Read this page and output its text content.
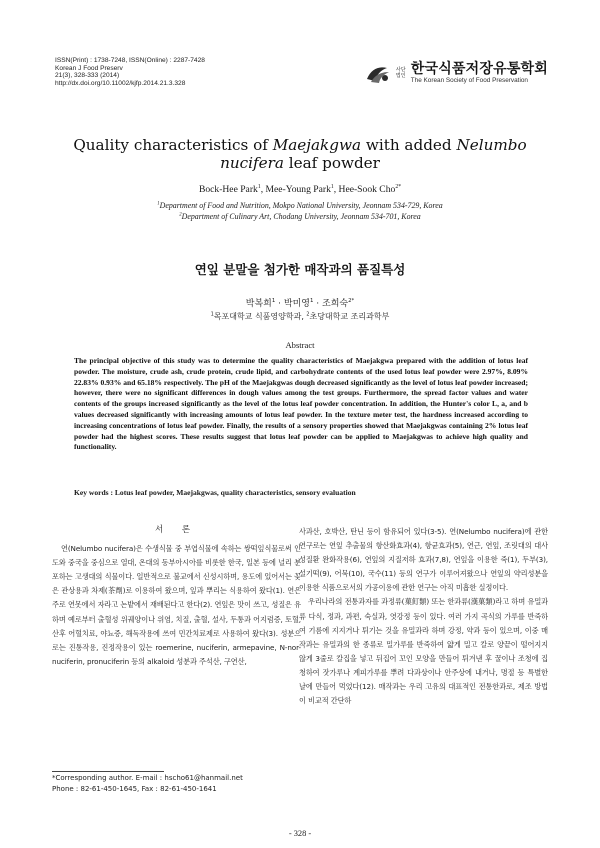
ISSN(Print) : 1738-7248, ISSN(Online) : 2287-7428
Korean J Food Preserv
21(3), 328-333 (2014)
http://dx.doi.org/10.11002/kjfp.2014.21.3.328
사단법인 한국식품저장유통학회
The Korean Society of Food Preservation
Quality characteristics of Maejakgwa with added Nelumbo nucifera leaf powder
Bock-Hee Park$^1$, Mee-Young Park$^1$, Hee-Sook Cho$^{2*}$
$^1$Department of Food and Nutrition, Mokpo National University, Jeonnam 534-729, Korea
$^2$Department of Culinary Art, Chodang University, Jeonnam 534-701, Korea
연잎 분말을 첨가한 매작과의 품질특성
박복희$^1$ · 박미영$^1$ · 조희숙$^{2*}$
$^1$목포대학교 식품영양학과, $^2$초당대학교 조리과학부
Abstract
The principal objective of this study was to determine the quality characteristics of Maejakgwa prepared with the addition of lotus leaf powder. The moisture, crude ash, crude protein, crude lipid, and carbohydrate contents of the used lotus leaf powder were 2.97%, 8.09% 22.83% 0.93% and 65.18% respectively. The pH of the Maejakgwas dough decreased significantly as the level of lotus leaf powder increased; however, there were no significant differences in dough values among the test groups. Furthermore, the spread factor values and water contents of the groups increased significantly as the level of the lotus leaf powder concentration. In addition, the Hunter's color L, a, and b values decreased significantly with increasing amounts of lotus leaf powder. In the texture meter test, the hardness increased according to increasing concentrations of lotus leaf powder. Finally, the results of a sensory properties showed that Maejakgwas containing 2% lotus leaf powder had the highest scores. These results suggest that lotus leaf powder can be applied to Maejakgwas to achieve high quality and functionality.
Key words : Lotus leaf powder, Maejakgwas, quality characteristics, sensory evaluation
서 론

연(Nelumbo nucifera)은 수생식물 중 부엽식물에 속하는 쌍떡잎식물로써 인도와 중국을 중심으로 열대, 온대의 동부아시아를 비롯한 한국, 일본 등에 널리 분포하는 고생대의 식물이다. 일반적으로 불교에서 신성시하며, 용도에 있어서는 꽃은 관상용과 차제(茶劑)로 이용하여 왔으며, 잎과 뿌리는 식용하여 왔다(1). 연은 주로 연못에서 자라고 논밭에서 재배된다고 한다(2). 연잎은 맛이 쓰고, 성질은 유하며 예로부터 출혈성 위궤양이나 위염, 치질, 출혈, 설사, 두통과 어지럼증, 토혈, 산후 어혈치료, 야뇨증, 해독작용에 쓰여 민간치료제로 사용하여 왔다(3). 성분으로는 진통작용, 진정작용이 있는 roemerine, nuciferin, armepavine, N-nor-nuciferin, pronuciferin 등의 alkaloid 성분과 주석산, 구연산,

사과산, 호박산, 탄닌 등이 함유되어 있다(3-5). 연(Nelumbo nucifera)에 관한 연구로는 연잎 추출물의 항산화효과(4), 항균효과(5), 연근, 연잎, 조릿대의 대사성질환 완화작용(6), 연잎의 지질저하 효과(7,8), 연잎을 이용한 죽(1), 두부(3), 설기떡(9), 어묵(10), 국수(11) 등의 연구가 이루어져왔으나 연잎의 약리성분을 이용한 식품으로서의 가공이용에 관한 연구는 아직 미흡한 실정이다.

우리나라의 전통과자를 과정류(菓飣類) 또는 한과류(漢菓類)라고 하며 유밀과류 다식, 정과, 과편, 숙실과, 엿강정 등이 있다. 여러 가지 곡식의 가루를 반죽하여 기름에 지지거나 튀기는 것을 유밀과라 하며 강정, 약과 등이 있으며, 이중 매작과는 유밀과의 한 종류로 밀가루를 반죽하여 얇게 밀고 칼로 양끝이 떨어지지 않게 3줄로 칼집을 넣고 뒤집어 꼬인 모양을 만들어 튀겨낸 후 꿀이나 조청에 집청하여 잣가루나 계피가루를 뿌려 다과상이나 안주상에 내거나, 명절 등 특별한 날에 만들어 먹었다(12). 매작과는 우리 고유의 대표적인 전통한과로, 제조 방법이 비교적 간단하

*Corresponding author. E-mail : hscho61@hanmail.net
Phone : 82-61-450-1645, Fax : 82-61-450-1641
- 328 -
